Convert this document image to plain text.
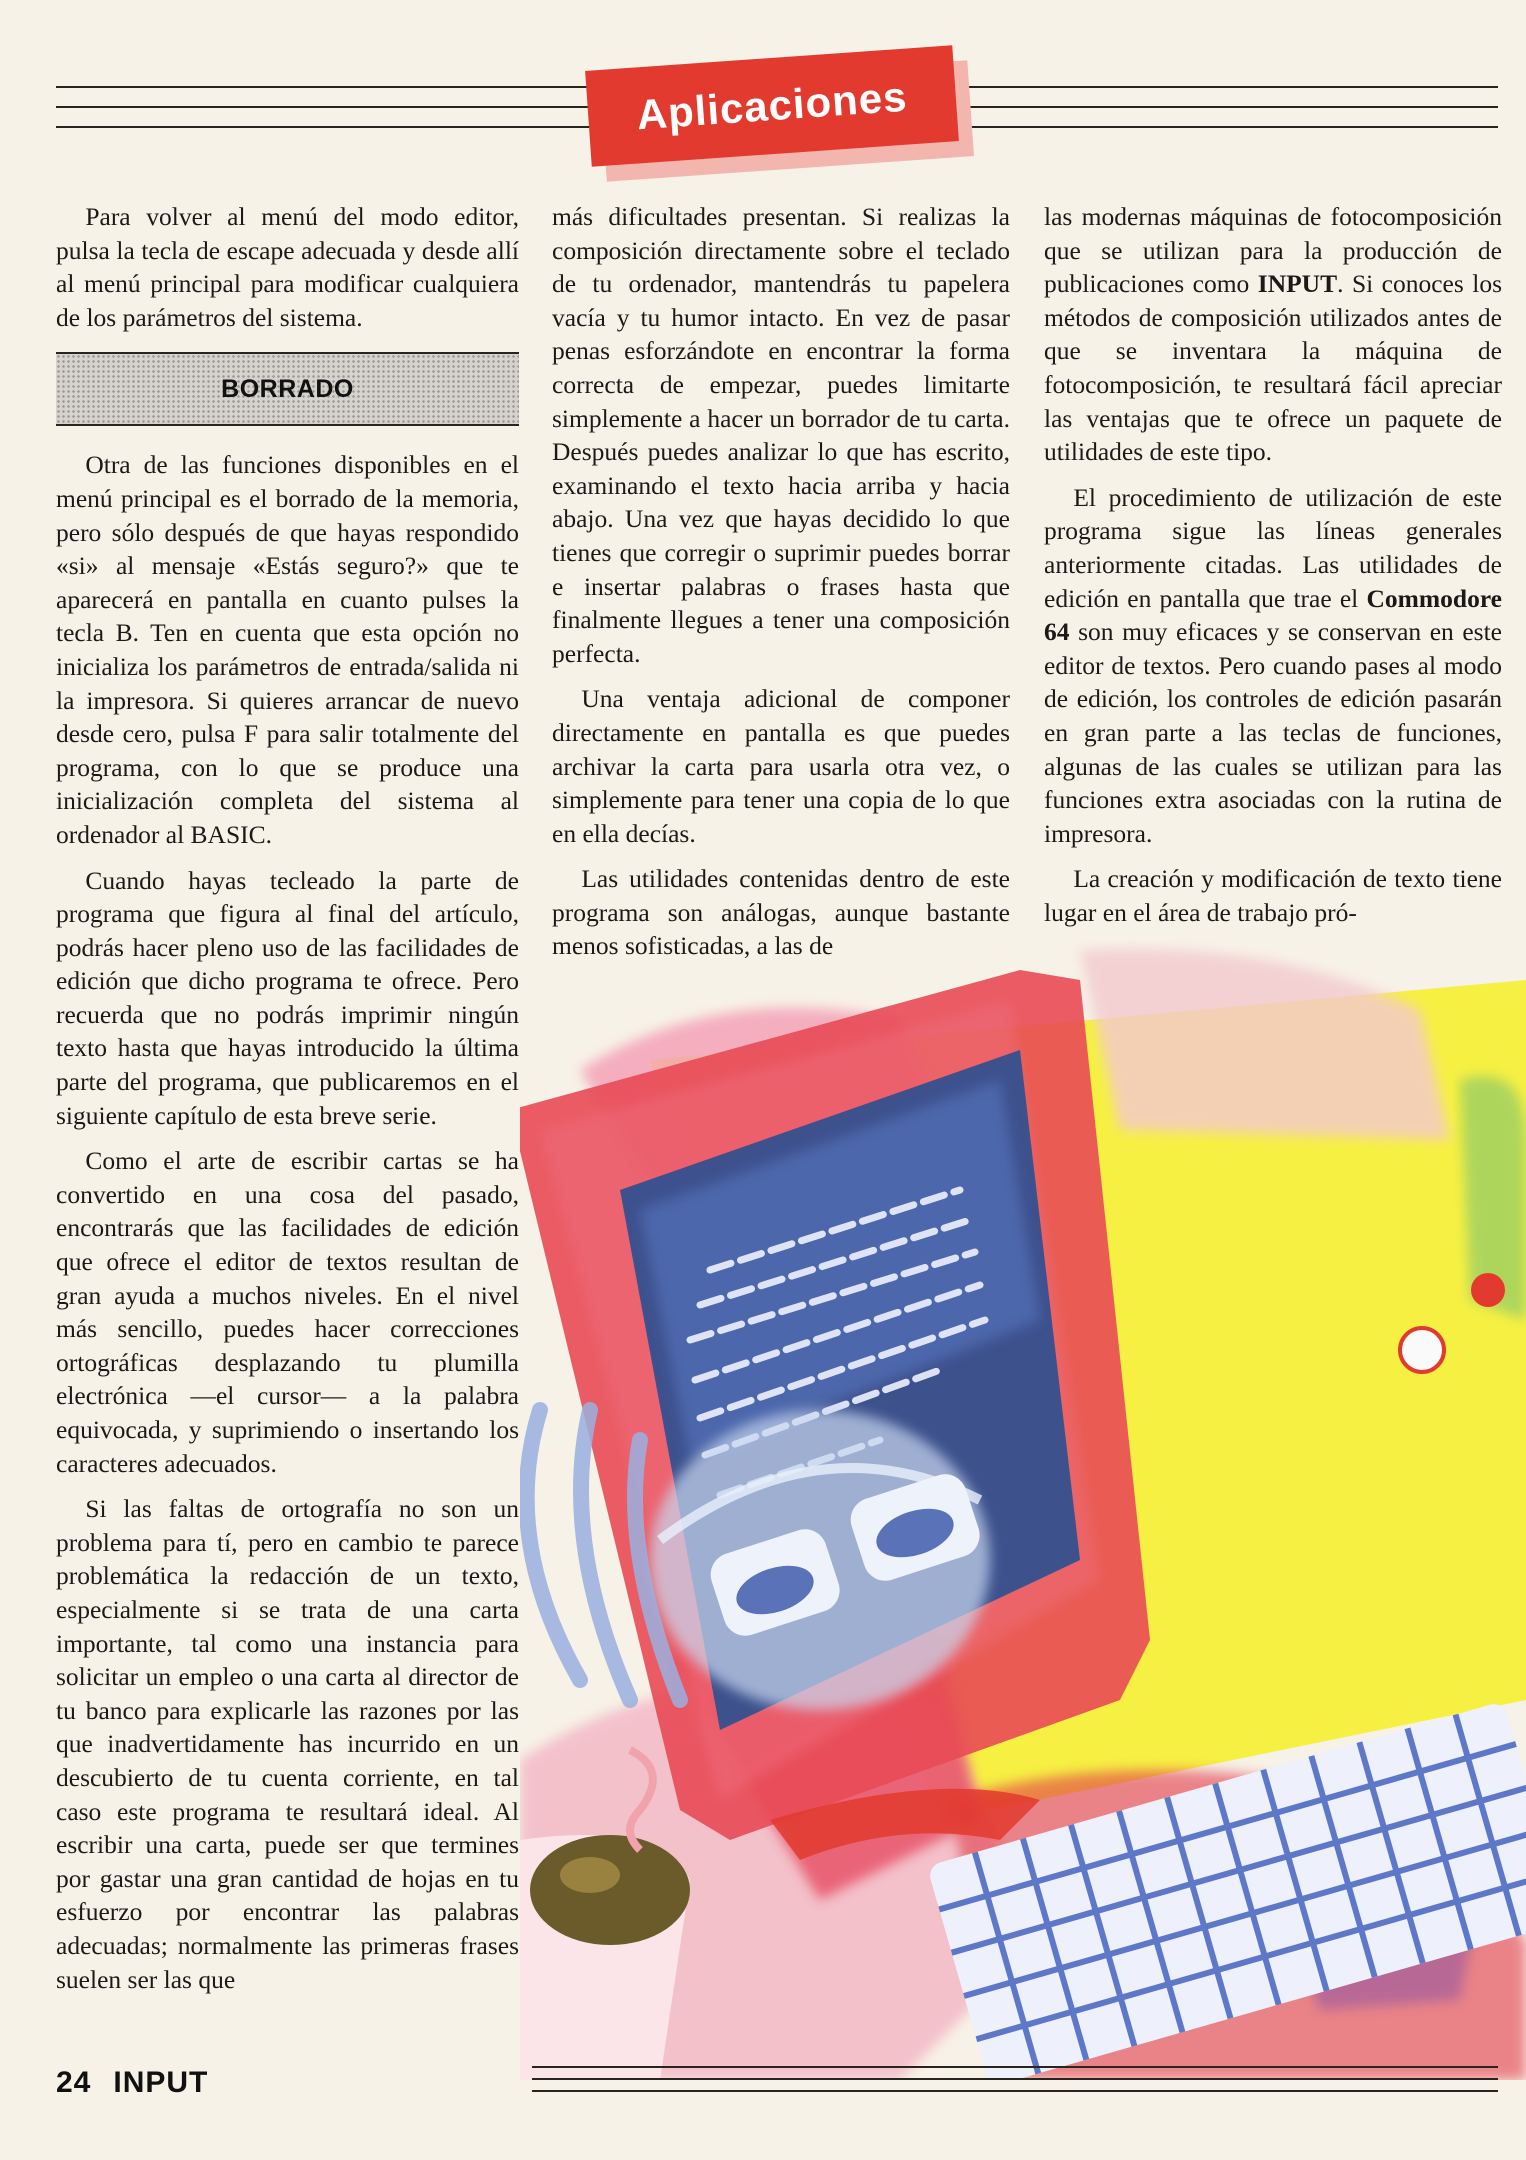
Aplicaciones

Para volver al menú del modo editor, pulsa la tecla de escape adecuada y desde allí al menú principal para modificar cualquiera de los parámetros del sistema.

BORRADO

Otra de las funciones disponibles en el menú principal es el borrado de la memoria, pero sólo después de que hayas respondido «si» al mensaje «Estás seguro?» que te aparecerá en pantalla en cuanto pulses la tecla B. Ten en cuenta que esta opción no inicializa los parámetros de entrada/salida ni la impresora. Si quieres arrancar de nuevo desde cero, pulsa F para salir totalmente del programa, con lo que se produce una inicialización completa del sistema al ordenador al BASIC.

Cuando hayas tecleado la parte de programa que figura al final del artículo, podrás hacer pleno uso de las facilidades de edición que dicho programa te ofrece. Pero recuerda que no podrás imprimir ningún texto hasta que hayas introducido la última parte del programa, que publicaremos en el siguiente capítulo de esta breve serie.

Como el arte de escribir cartas se ha convertido en una cosa del pasado, encontrarás que las facilidades de edición que ofrece el editor de textos resultan de gran ayuda a muchos niveles. En el nivel más sencillo, puedes hacer correcciones ortográficas desplazando tu plumilla electrónica —el cursor— a la palabra equivocada, y suprimiendo o insertando los caracteres adecuados.

Si las faltas de ortografía no son un problema para tí, pero en cambio te parece problemática la redacción de un texto, especialmente si se trata de una carta importante, tal como una instancia para solicitar un empleo o una carta al director de tu banco para explicarle las razones por las que inadvertidamente has incurrido en un descubierto de tu cuenta corriente, en tal caso este programa te resultará ideal. Al escribir una carta, puede ser que termines por gastar una gran cantidad de hojas en tu esfuerzo por encontrar las palabras adecuadas; normalmente las primeras frases suelen ser las que

más dificultades presentan. Si realizas la composición directamente sobre el teclado de tu ordenador, mantendrás tu papelera vacía y tu humor intacto. En vez de pasar penas esforzándote en encontrar la forma correcta de empezar, puedes limitarte simplemente a hacer un borrador de tu carta. Después puedes analizar lo que has escrito, examinando el texto hacia arriba y hacia abajo. Una vez que hayas decidido lo que tienes que corregir o suprimir puedes borrar e insertar palabras o frases hasta que finalmente llegues a tener una composición perfecta.

Una ventaja adicional de componer directamente en pantalla es que puedes archivar la carta para usarla otra vez, o simplemente para tener una copia de lo que en ella decías.

Las utilidades contenidas dentro de este programa son análogas, aunque bastante menos sofisticadas, a las de

las modernas máquinas de fotocomposición que se utilizan para la producción de publicaciones como INPUT. Si conoces los métodos de composición utilizados antes de que se inventara la máquina de fotocomposición, te resultará fácil apreciar las ventajas que te ofrece un paquete de utilidades de este tipo.

El procedimiento de utilización de este programa sigue las líneas generales anteriormente citadas. Las utilidades de edición en pantalla que trae el Commodore 64 son muy eficaces y se conservan en este editor de textos. Pero cuando pases al modo de edición, los controles de edición pasarán en gran parte a las teclas de funciones, algunas de las cuales se utilizan para las funciones extra asociadas con la rutina de impresora.

La creación y modificación de texto tiene lugar en el área de trabajo pró-

24 INPUT
